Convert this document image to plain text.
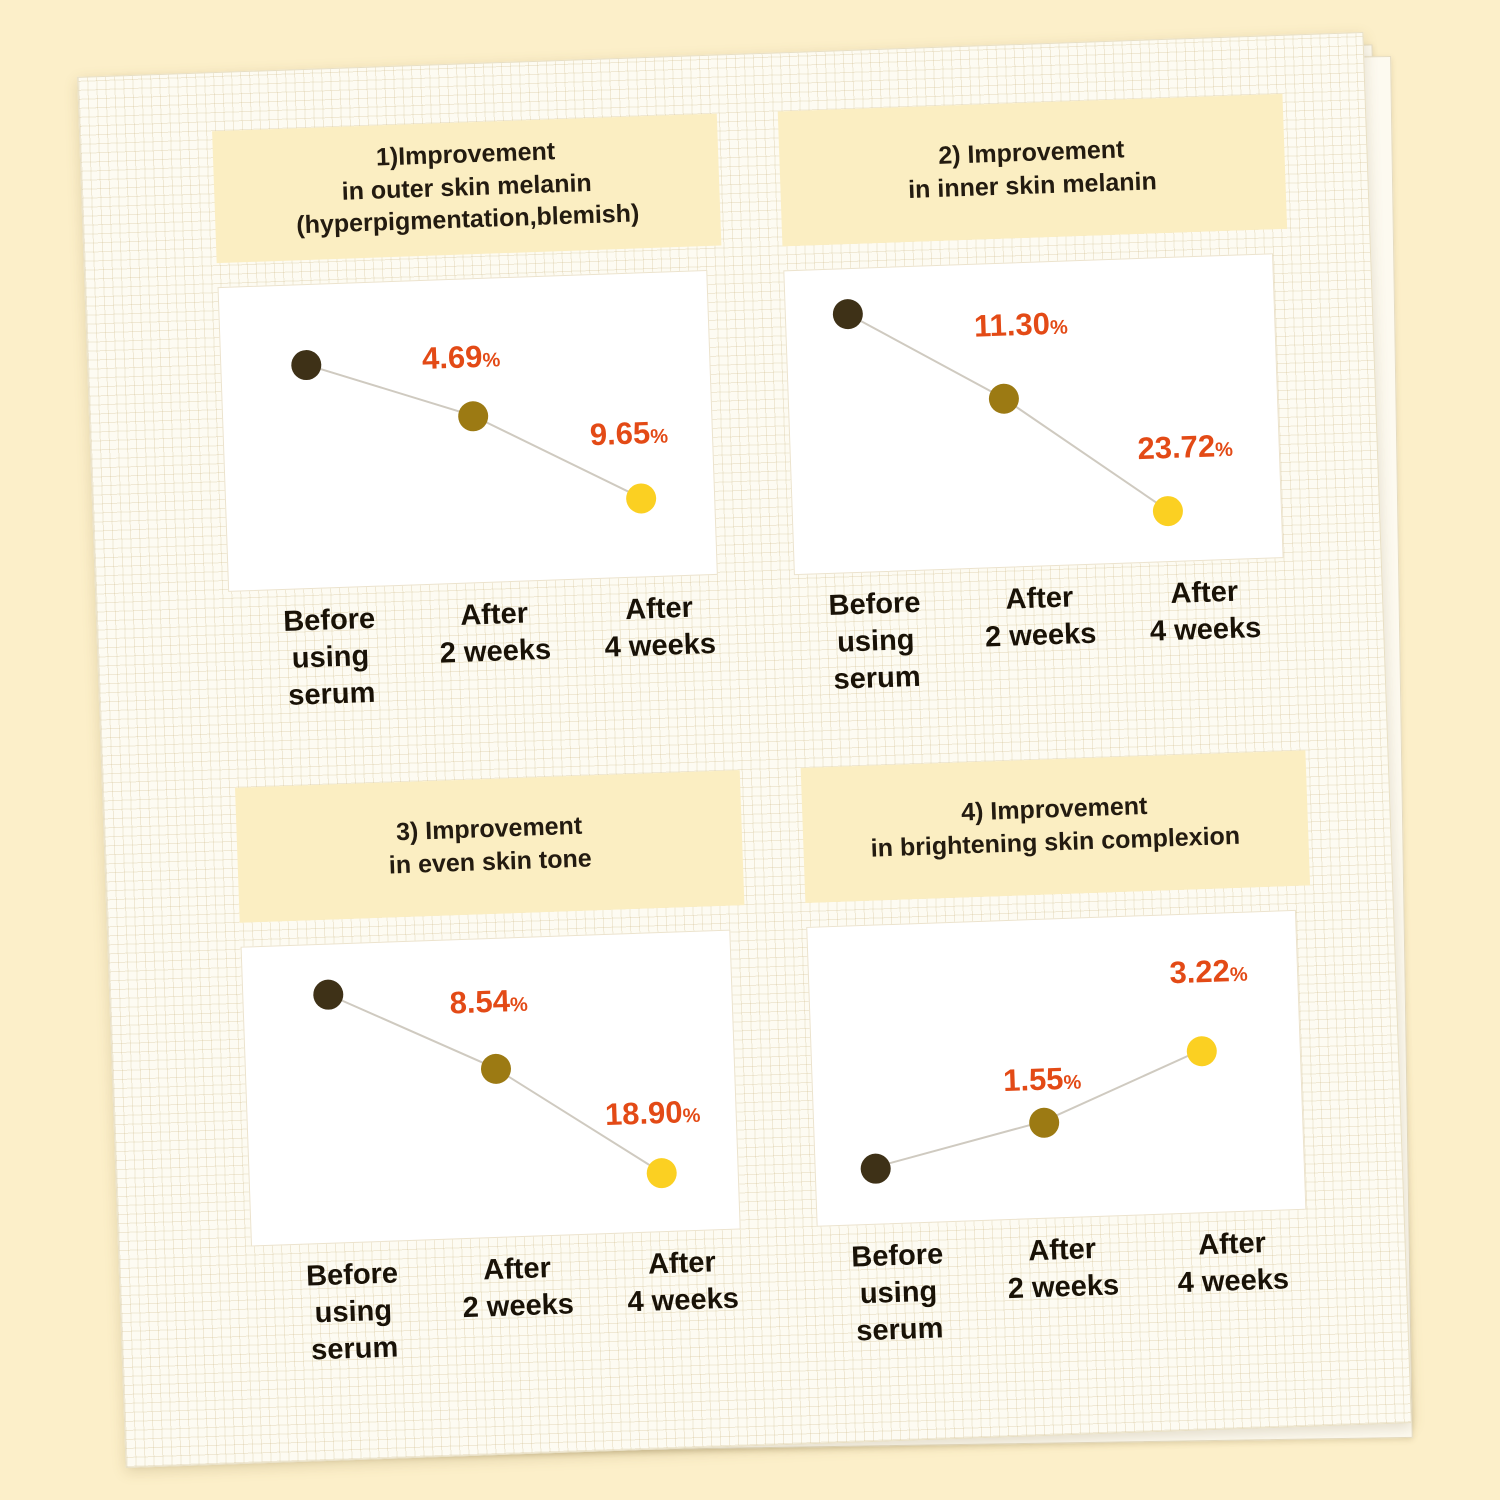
1)Improvement
in outer skin melanin
(hyperpigmentation,blemish)
4.69%
9.65%
Before
using
serum
After
2 weeks
After
4 weeks
2) Improvement
in inner skin melanin
11.30%
23.72%
Before
using
serum
After
2 weeks
After
4 weeks
3) Improvement
in even skin tone
8.54%
18.90%
Before
using
serum
After
2 weeks
After
4 weeks
4) Improvement
in brightening skin complexion
1.55%
3.22%
Before
using
serum
After
2 weeks
After
4 weeks
